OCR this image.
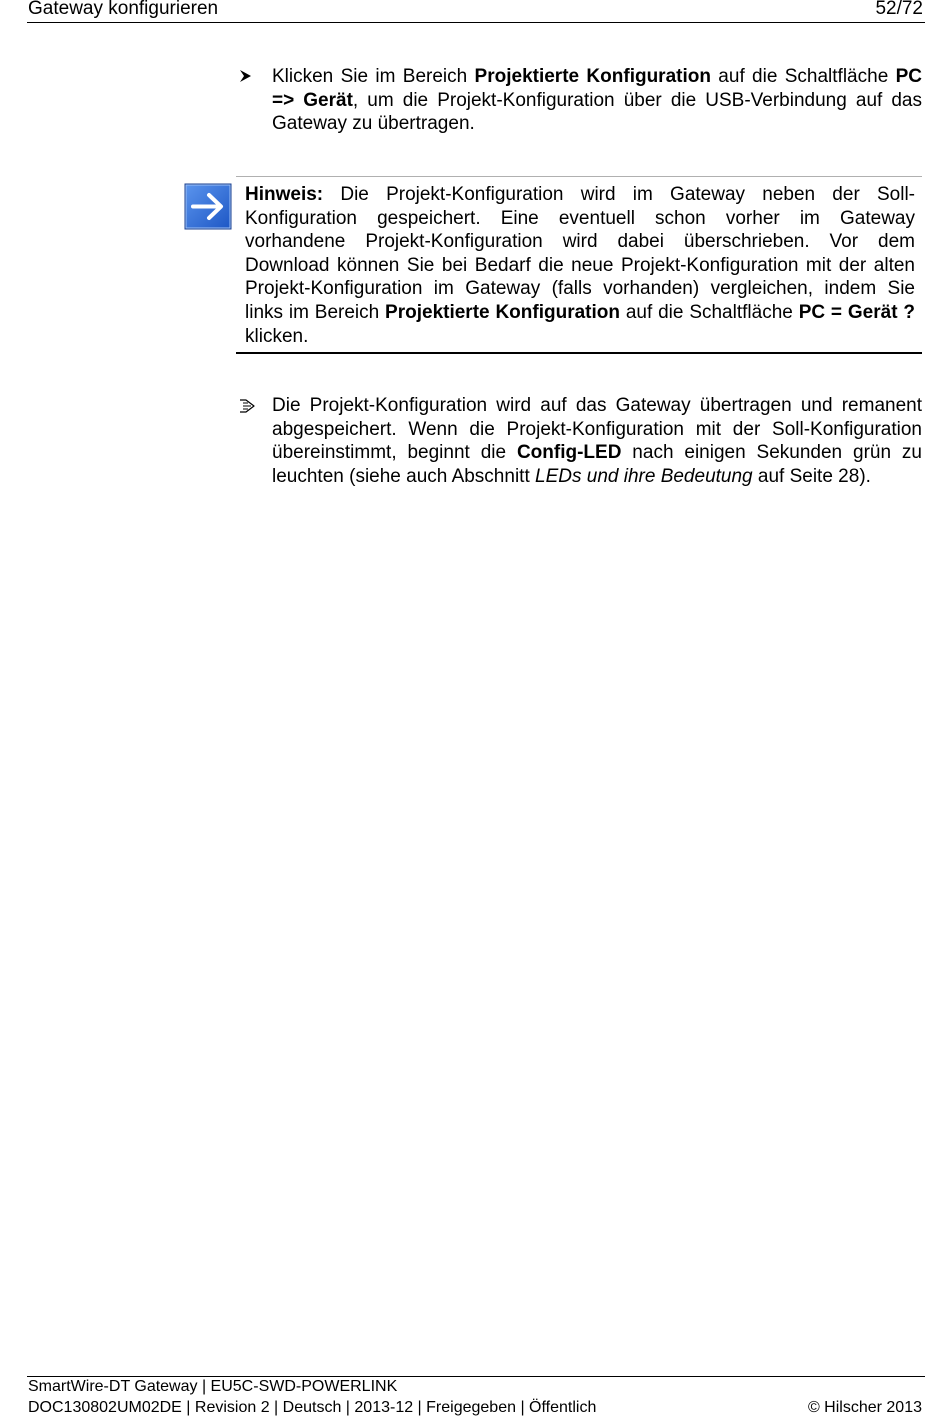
Gateway konfigurieren	52/72
Klicken Sie im Bereich Projektierte Konfiguration auf die Schaltfläche PC => Gerät, um die Projekt-Konfiguration über die USB-Verbindung auf das Gateway zu übertragen.
Hinweis: Die Projekt-Konfiguration wird im Gateway neben der Soll-Konfiguration gespeichert. Eine eventuell schon vorher im Gateway vorhandene Projekt-Konfiguration wird dabei überschrieben. Vor dem Download können Sie bei Bedarf die neue Projekt-Konfiguration mit der alten Projekt-Konfiguration im Gateway (falls vorhanden) vergleichen, indem Sie links im Bereich Projektierte Konfiguration auf die Schaltfläche PC = Gerät ? klicken.
Die Projekt-Konfiguration wird auf das Gateway übertragen und remanent abgespeichert. Wenn die Projekt-Konfiguration mit der Soll-Konfiguration übereinstimmt, beginnt die Config-LED nach einigen Sekunden grün zu leuchten (siehe auch Abschnitt LEDs und ihre Bedeutung auf Seite 28).
SmartWire-DT Gateway | EU5C-SWD-POWERLINK
DOC130802UM02DE | Revision 2 | Deutsch | 2013-12 | Freigegeben | Öffentlich	© Hilscher 2013
